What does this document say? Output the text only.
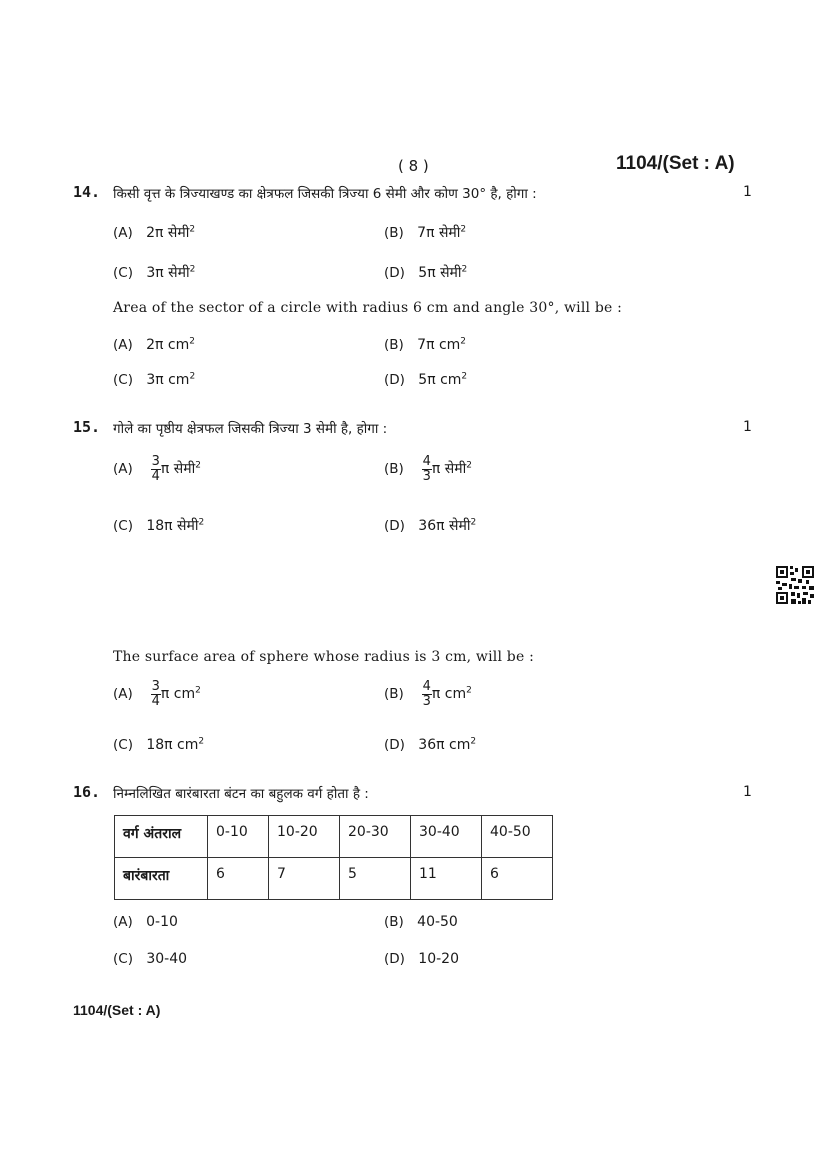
( 8 )	1104/(Set : A)
14. किसी वृत्त के त्रिज्याखण्ड का क्षेत्रफल जिसकी त्रिज्या 6 सेमी और कोण 30° है, होगा :	1
(A) 2π सेमी$^2$	(B) 7π सेमी$^2$
(C) 3π सेमी$^2$	(D) 5π सेमी$^2$
Area of the sector of a circle with radius 6 cm and angle 30°, will be :
(A) 2π $cm^2$	(B) 7π $cm^2$
(C) 3π $cm^2$	(D) 5π $cm^2$
15. गोले का पृष्ठीय क्षेत्रफल जिसकी त्रिज्या 3 सेमी है, होगा :	1
$(A) \frac{3}{4}$ π सेमी$^2$	$(B) \frac{4}{3}$ π सेमी$^2$
(C) 18π सेमी$^2$	(D) 36π सेमी$^2$
The surface area of sphere whose radius is 3 cm, will be :
$(A) \frac{3}{4}$ π $cm^2$	$(B) \frac{4}{3}$ π $cm^2$
(C) 18π $cm^2$	(D) 36π $cm^2$
16. निम्नलिखित बारंबारता बंटन का बहुलक वर्ग होता है :	1
वर्ग अंतराल	0-10	10-20	20-30	30-40	40-50
बारंबारता	6	7	5	11	6
(A) 0-10	(B) 40-50
(C) 30-40	(D) 10-20
1104/(Set : A)
